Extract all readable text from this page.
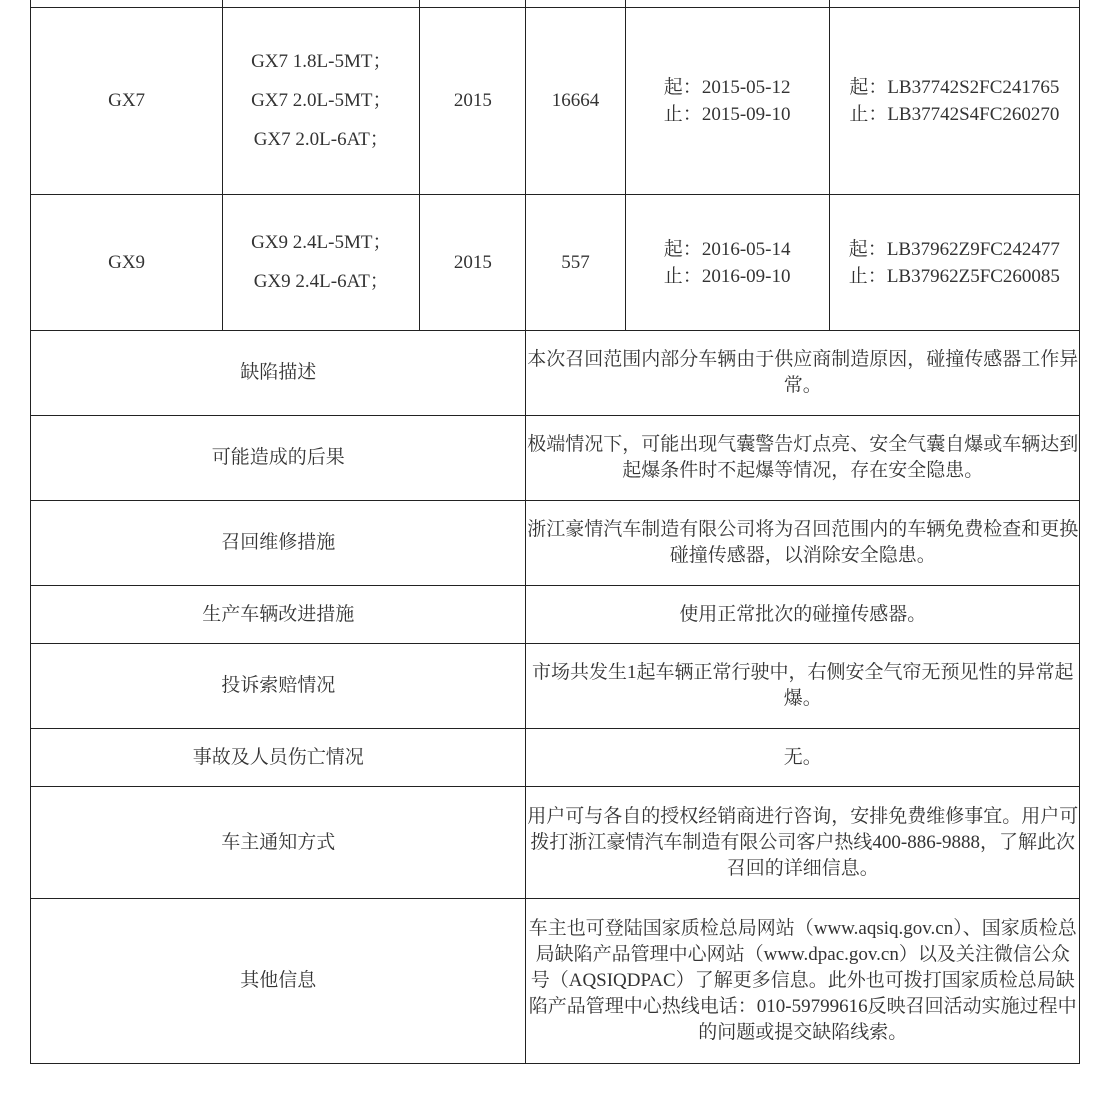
GX7	GX7 1.8L-5MT；
GX7 2.0L-5MT；
GX7 2.0L-6AT；	2015	16664	起：2015-05-12
止：2015-09-10	起：LB37742S2FC241765
止：LB37742S4FC260270

GX9	GX9 2.4L-5MT；
GX9 2.4L-6AT；	2015	557	起：2016-05-14
止：2016-09-10	起：LB37962Z9FC242477
止：LB37962Z5FC260085

缺陷描述			本次召回范围内部分车辆由于供应商制造原因，碰撞传感器工作异常。		
可能造成的后果			极端情况下，可能出现气囊警告灯点亮、安全气囊自爆或车辆达到起爆条件时不起爆等情况，存在安全隐患。		
召回维修措施			浙江豪情汽车制造有限公司将为召回范围内的车辆免费检查和更换碰撞传感器，以消除安全隐患。		
生产车辆改进措施			使用正常批次的碰撞传感器。		
投诉索赔情况			市场共发生1起车辆正常行驶中，右侧安全气帘无预见性的异常起爆。		
事故及人员伤亡情况			无。		
车主通知方式			用户可与各自的授权经销商进行咨询，安排免费维修事宜。用户可拨打浙江豪情汽车制造有限公司客户热线400-886-9888，了解此次召回的详细信息。		
其他信息			车主也可登陆国家质检总局网站（www.aqsiq.gov.cn）、国家质检总局缺陷产品管理中心网站（www.dpac.gov.cn）以及关注微信公众号（AQSIQDPAC）了解更多信息。此外也可拨打国家质检总局缺陷产品管理中心热线电话：010-59799616反映召回活动实施过程中的问题或提交缺陷线索。		
